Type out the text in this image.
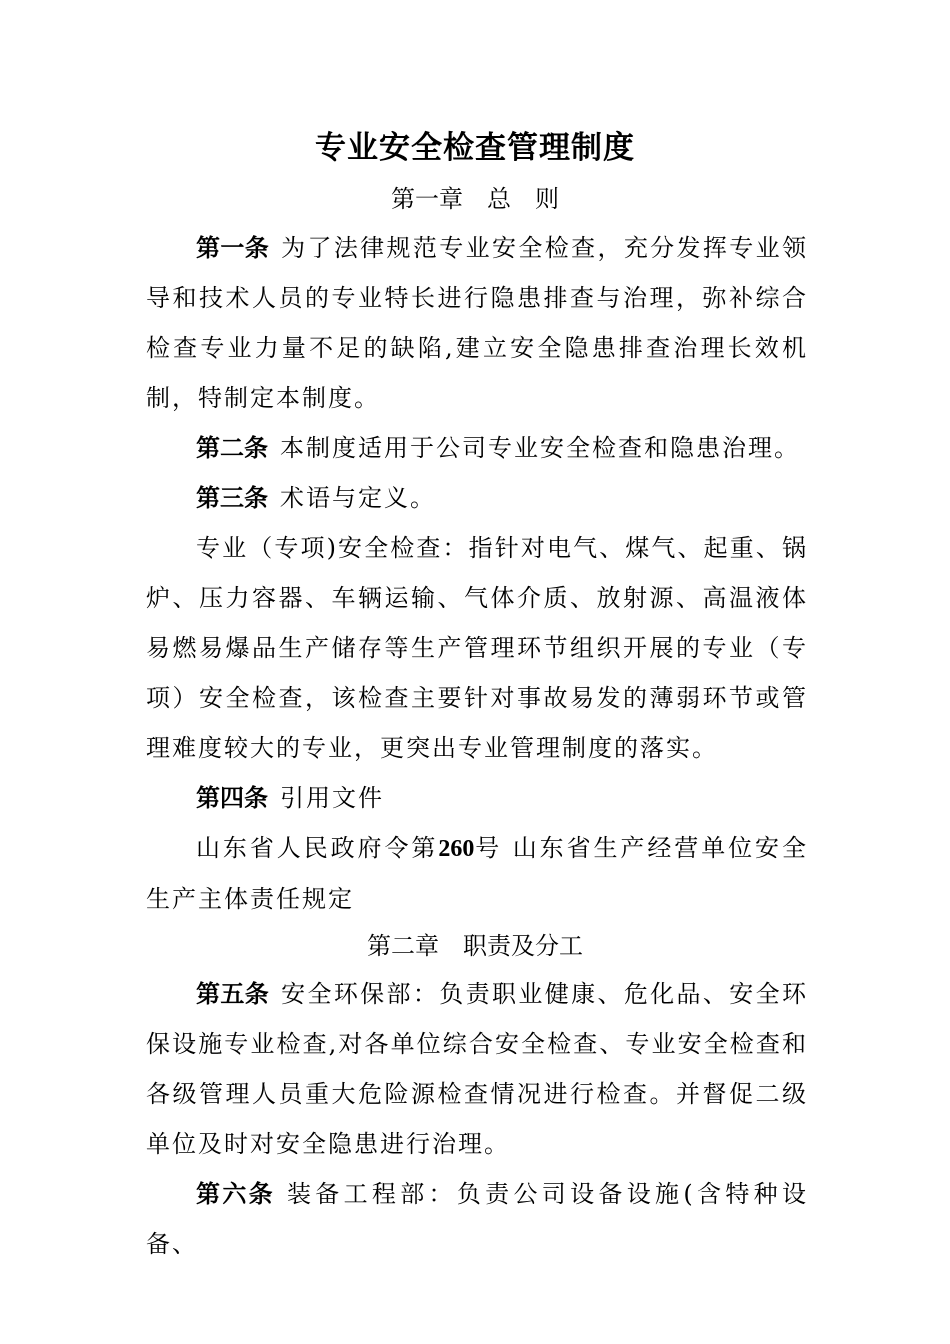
专业安全检查管理制度
第一章　总　则

第一条 为了法律规范专业安全检查，充分发挥专业领导和技术人员的专业特长进行隐患排查与治理，弥补综合检查专业力量不足的缺陷,建立安全隐患排查治理长效机制，特制定本制度。

第二条 本制度适用于公司专业安全检查和隐患治理。

第三条 术语与定义。

专业（专项)安全检查：指针对电气、煤气、起重、锅炉、压力容器、车辆运输、气体介质、放射源、高温液体易燃易爆品生产储存等生产管理环节组织开展的专业（专项）安全检查，该检查主要针对事故易发的薄弱环节或管理难度较大的专业，更突出专业管理制度的落实。

第四条 引用文件

山东省人民政府令第260号 山东省生产经营单位安全生产主体责任规定

第二章　职责及分工

第五条 安全环保部：负责职业健康、危化品、安全环保设施专业检查,对各单位综合安全检查、专业安全检查和各级管理人员重大危险源检查情况进行检查。并督促二级单位及时对安全隐患进行治理。

第六条 装备工程部：负责公司设备设施(含特种设备、
